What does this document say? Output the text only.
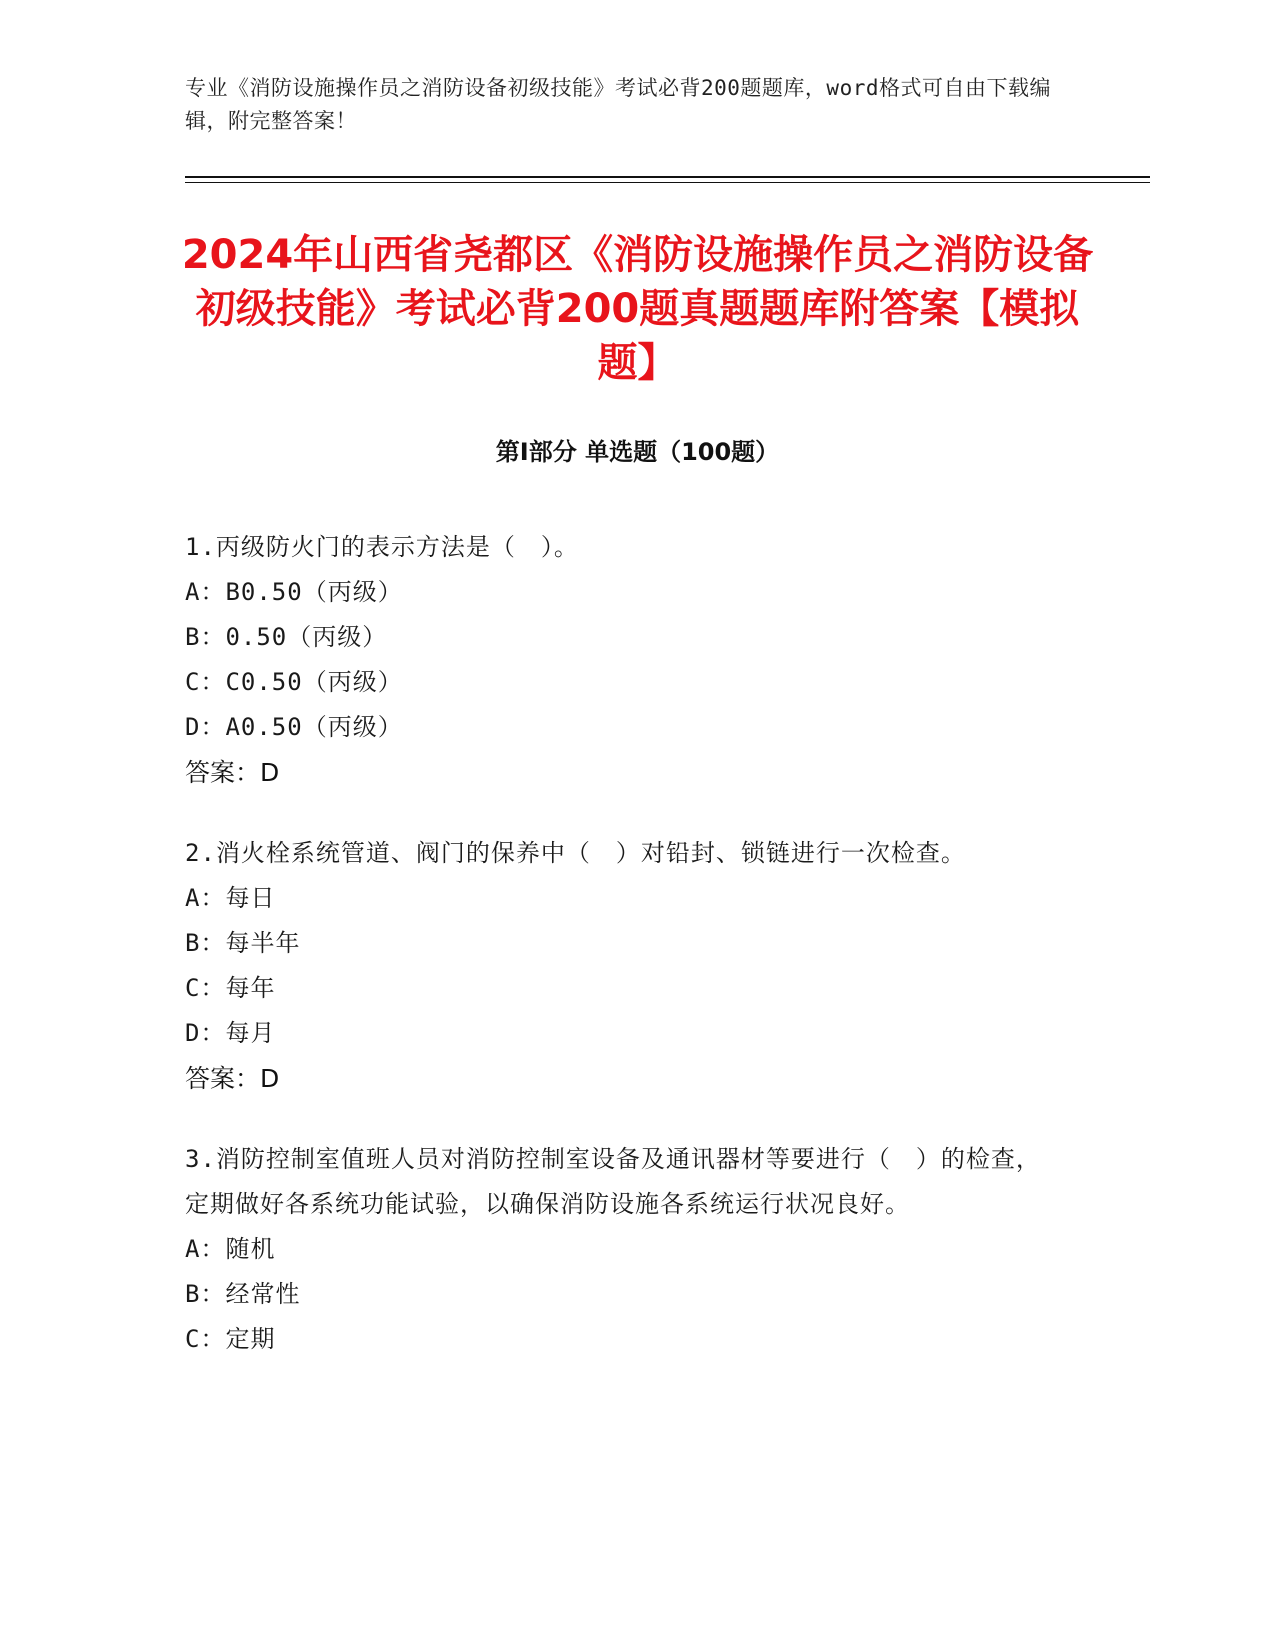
专业《消防设施操作员之消防设备初级技能》考试必背200题题库，word格式可自由下载编辑，附完整答案！
2024年山西省尧都区《消防设施操作员之消防设备初级技能》考试必背200题真题题库附答案【模拟题】
第Ⅰ部分 单选题（100题）
1.丙级防火门的表示方法是（　）。
A：B0.50（丙级）
B：0.50（丙级）
C：C0.50（丙级）
D：A0.50（丙级）
答案：D
2.消火栓系统管道、阀门的保养中（　）对铅封、锁链进行一次检查。
A：每日
B：每半年
C：每年
D：每月
答案：D
3.消防控制室值班人员对消防控制室设备及通讯器材等要进行（　）的检查，定期做好各系统功能试验，以确保消防设施各系统运行状况良好。
A：随机
B：经常性
C：定期
